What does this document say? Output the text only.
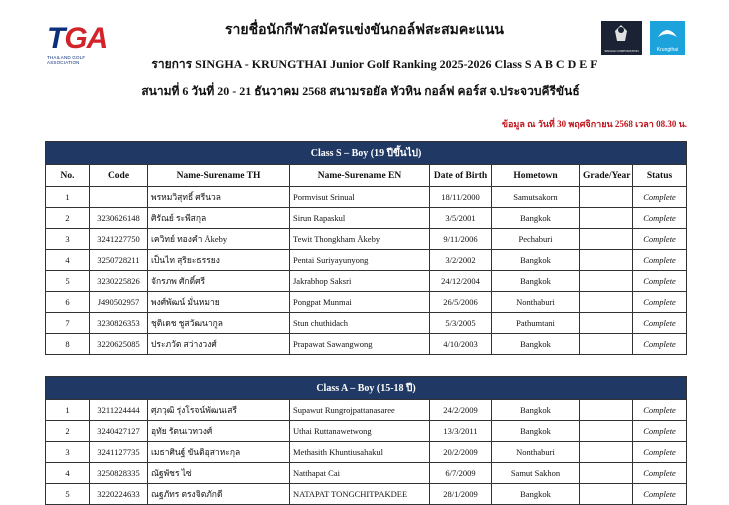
TGA
THAILAND GOLF ASSOCIATION
SINGHA CORPORATION	Krungthai
รายชื่อนักกีฬาสมัครแข่งขันกอล์ฟสะสมคะแนน
รายการ SINGHA - KRUNGTHAI Junior Golf Ranking 2025-2026 Class S A B C D E F
สนามที่ 6 วันที่ 20 - 21 ธันวาคม 2568 สนามรอยัล หัวหิน กอล์ฟ คอร์ส จ.ประจวบคีรีขันธ์
ข้อมูล ณ วันที่ 30 พฤศจิกายน 2568 เวลา 08.30 น.
Class S – Boy (19 ปีขึ้นไป)							
No.	Code	Name-Surename TH	Name-Surename EN	Date of Birth	Hometown	Grade/Year	Status
1		พรหมวิสุทธิ์ ศรีนวล	Pormvisut Srinual	18/11/2000	Samutsakorn		Complete
2	3230626148	ศิรัณย์ ระพีสกุล	Sirun Rapaskul	3/5/2001	Bangkok		Complete
3	3241227750	เควิทย์ ทองคำ Åkeby	Tewit Thongkham Åkeby	9/11/2006	Pechaburi		Complete
4	3250728211	เป็นไท สุริยะธรรยง	Pentai Suriyayunyong	3/2/2002	Bangkok		Complete
5	3230225826	จักรภพ ศักดิ์ศรี	Jakrabhop Saksri	24/12/2004	Bangkok		Complete
6	J490502957	พงศ์พัฒน์ มั่นหมาย	Pongpat Munmai	26/5/2006	Nonthaburi		Complete
7	3230826353	ชุติเดช ชูสวัฒนากูล	Stun chuthidach	5/3/2005	Pathumtani		Complete
8	3220625085	ประภวัต สว่างวงศ์	Prapawat Sawangwong	4/10/2003	Bangkok		Complete

Class A – Boy (15-18 ปี)							
1	3211224444	ศุภวุฒิ รุ่งโรจน์พัฒนเสรี	Supawut Rungrojpattanasaree	24/2/2009	Bangkok		Complete
2	3240427127	อุทัย รัตนเวทวงศ์	Uthai Ruttanawetwong	13/3/2011	Bangkok		Complete
3	3241127735	เมธาศินฐ์ ขันติอุสาหะกุล	Methasith Khuntiusahakul	20/2/2009	Nonthaburi		Complete
4	3250828335	ณัฐพัชร ไซ่	Natthapat Cai	6/7/2009	Samut Sakhon		Complete
5	3220224633	ณฐภัทร ตรงจิตภักดี	NATAPAT TONGCHITPAKDEE	28/1/2009	Bangkok		Complete
